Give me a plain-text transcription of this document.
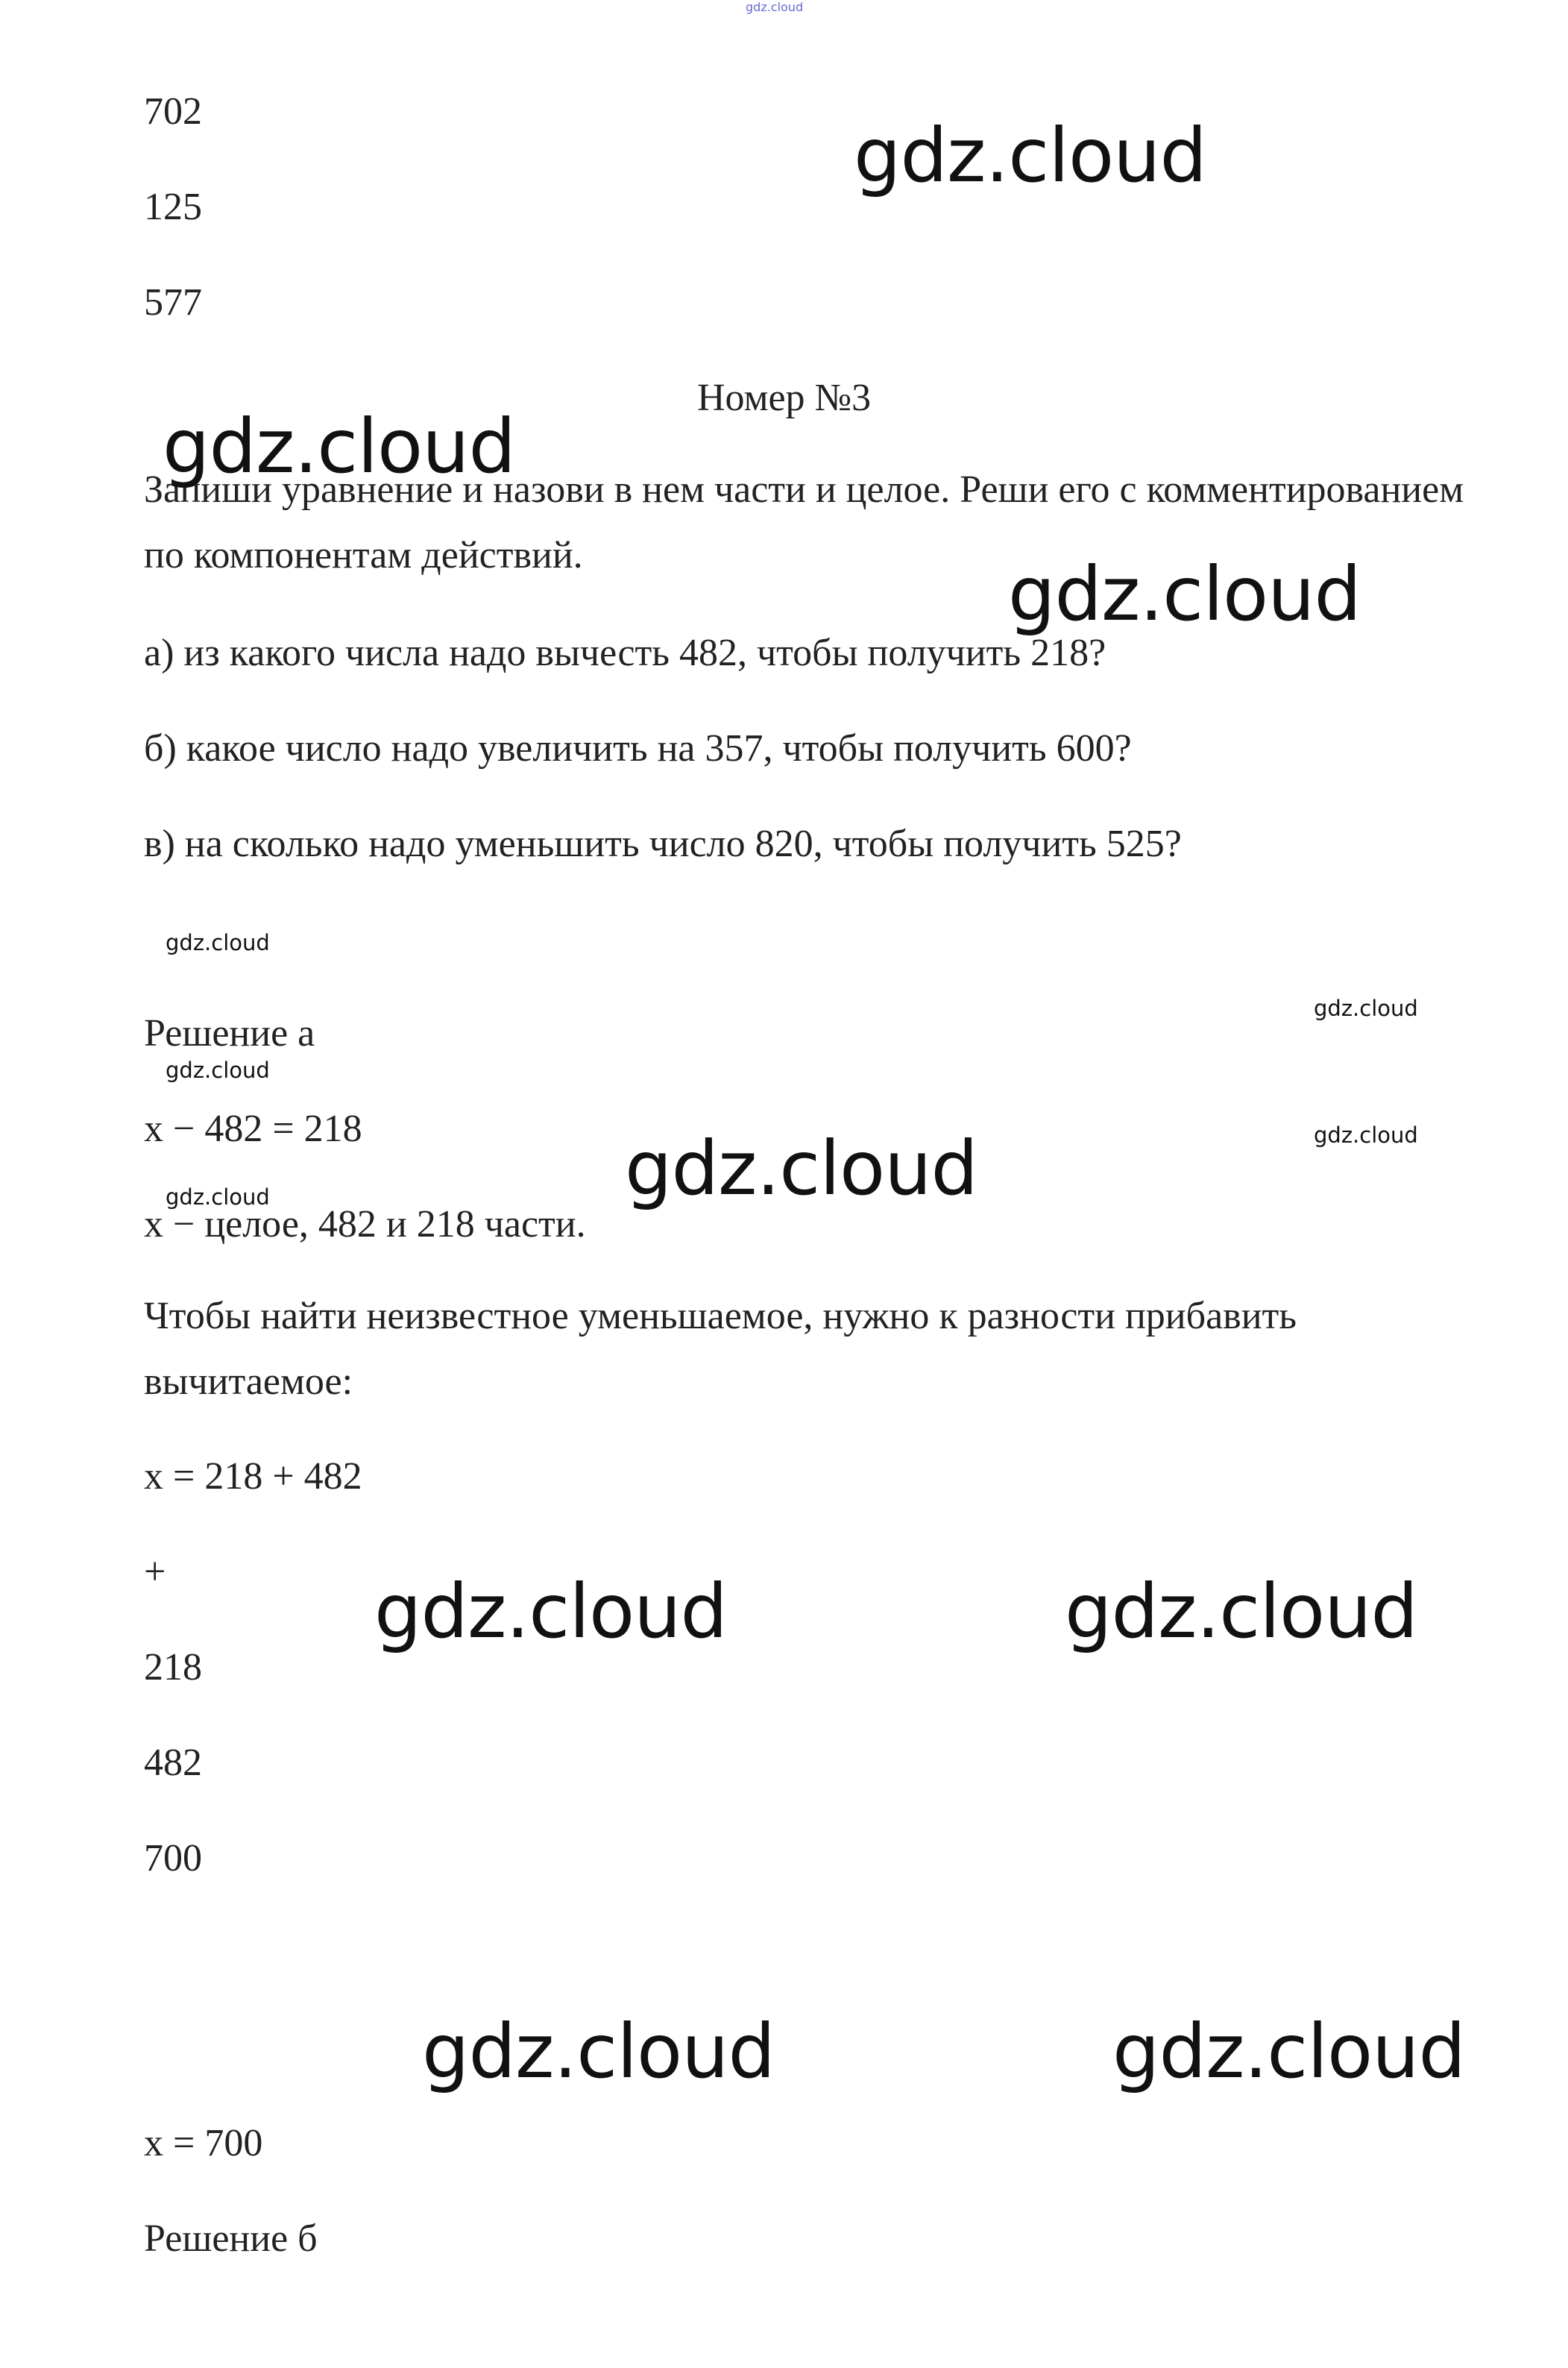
gdz.cloud
702
125
577
Номер №3
Запиши уравнение и назови в нем части и целое. Реши его с комментированием по компонентам действий.
а) из какого числа надо вычесть 482, чтобы получить 218?
б) какое число надо увеличить на 357, чтобы получить 600?
в) на сколько надо уменьшить число 820, чтобы получить 525?
Решение а
x − 482 = 218
x − целое, 482 и 218 части.
Чтобы найти неизвестное уменьшаемое, нужно к разности прибавить вычитаемое:
x = 218 + 482
+
218
482
700
x = 700
Решение б
gdz.cloud
gdz.cloud
gdz.cloud
gdz.cloud
gdz.cloud	gdz.cloud
gdz.cloud	gdz.cloud
gdz.cloud
gdz.cloud
gdz.cloud
gdz.cloud
gdz.cloud
